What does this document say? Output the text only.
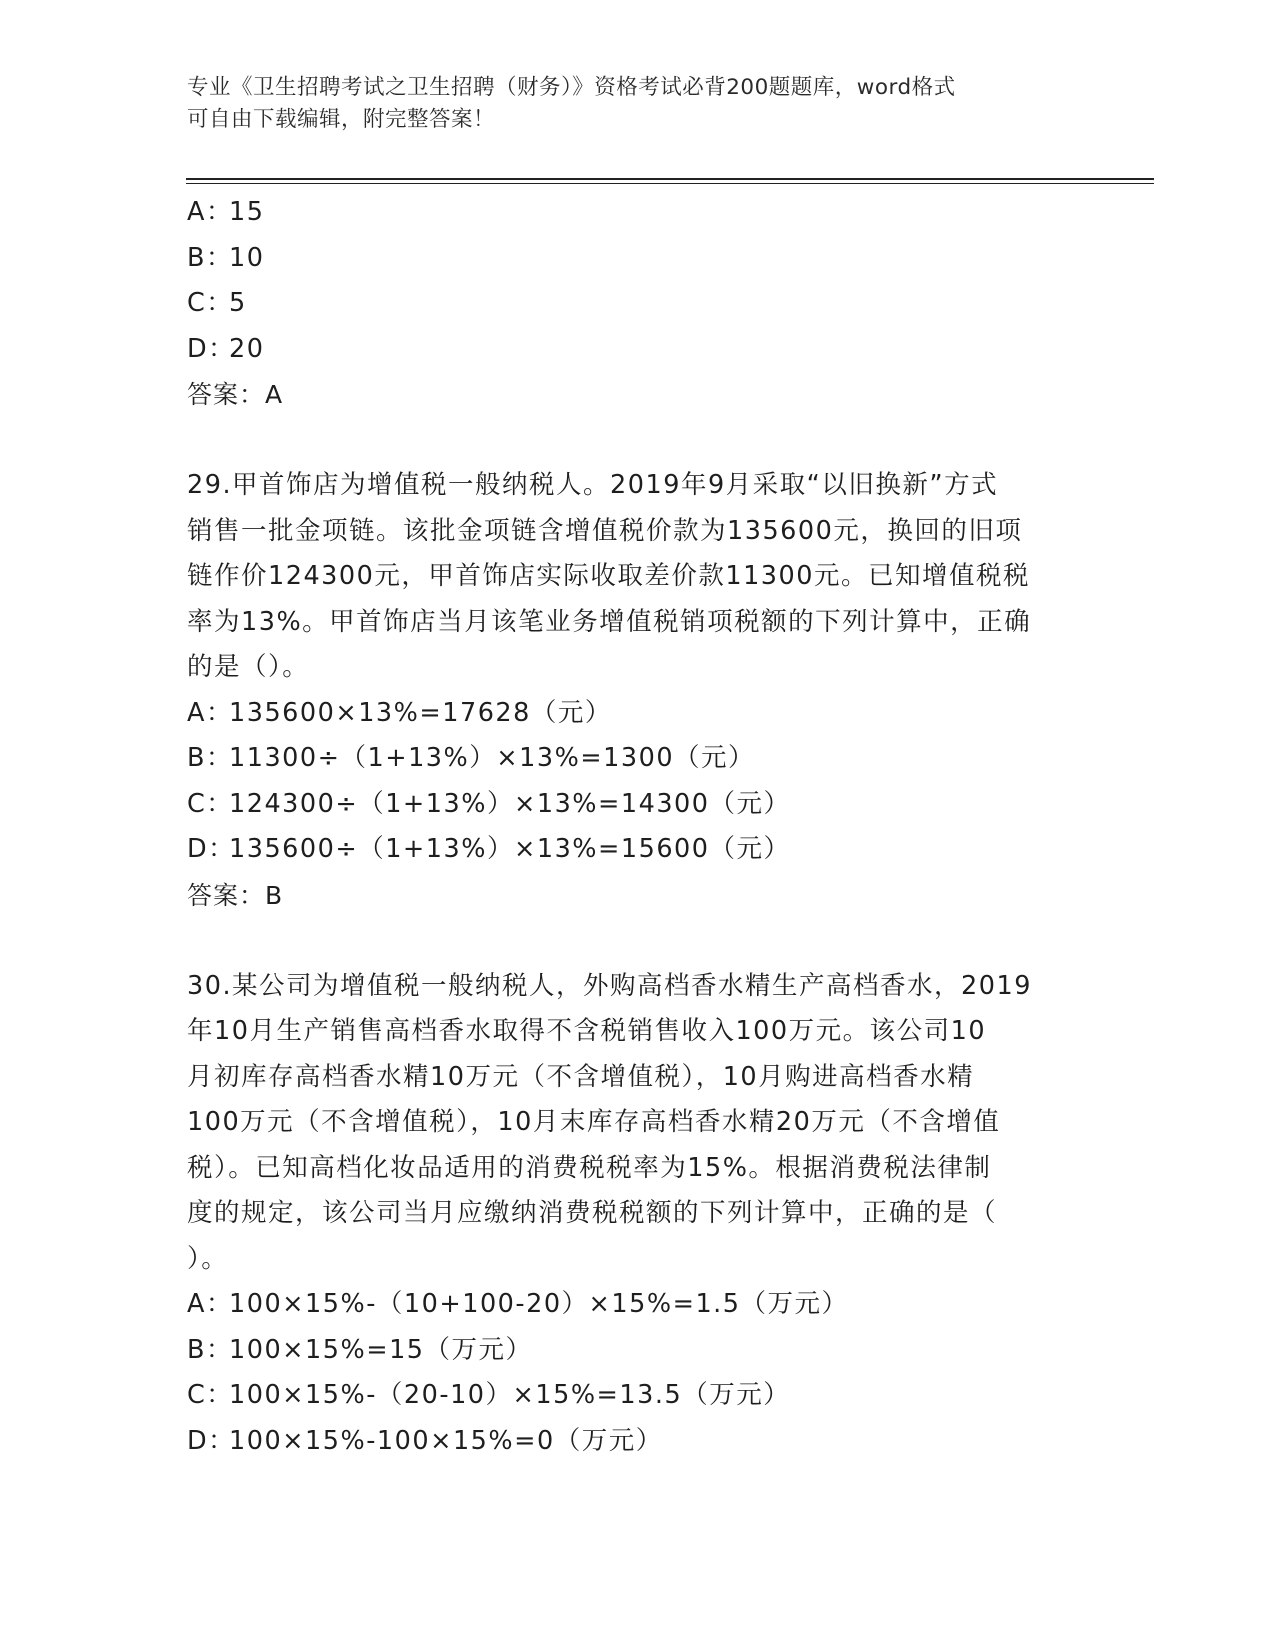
专业《卫生招聘考试之卫生招聘（财务）》资格考试必背200题题库，word格式
可自由下载编辑，附完整答案！
A：15
B：10
C：5
D：20
答案：A
29.甲首饰店为增值税一般纳税人。2019年9月采取“以旧换新”方式
销售一批金项链。该批金项链含增值税价款为135600元，换回的旧项
链作价124300元，甲首饰店实际收取差价款11300元。已知增值税税
率为13%。甲首饰店当月该笔业务增值税销项税额的下列计算中，正确
的是（）。
A：135600×13%=17628（元）
B：11300÷（1+13%）×13%=1300（元）
C：124300÷（1+13%）×13%=14300（元）
D：135600÷（1+13%）×13%=15600（元）
答案：B
30.某公司为增值税一般纳税人，外购高档香水精生产高档香水，2019
年10月生产销售高档香水取得不含税销售收入100万元。该公司10
月初库存高档香水精10万元（不含增值税），10月购进高档香水精
100万元（不含增值税），10月末库存高档香水精20万元（不含增值
税）。已知高档化妆品适用的消费税税率为15%。根据消费税法律制
度的规定，该公司当月应缴纳消费税税额的下列计算中，正确的是（
）。
A：100×15%-（10+100-20）×15%=1.5（万元）
B：100×15%=15（万元）
C：100×15%-（20-10）×15%=13.5（万元）
D：100×15%-100×15%=0（万元）
